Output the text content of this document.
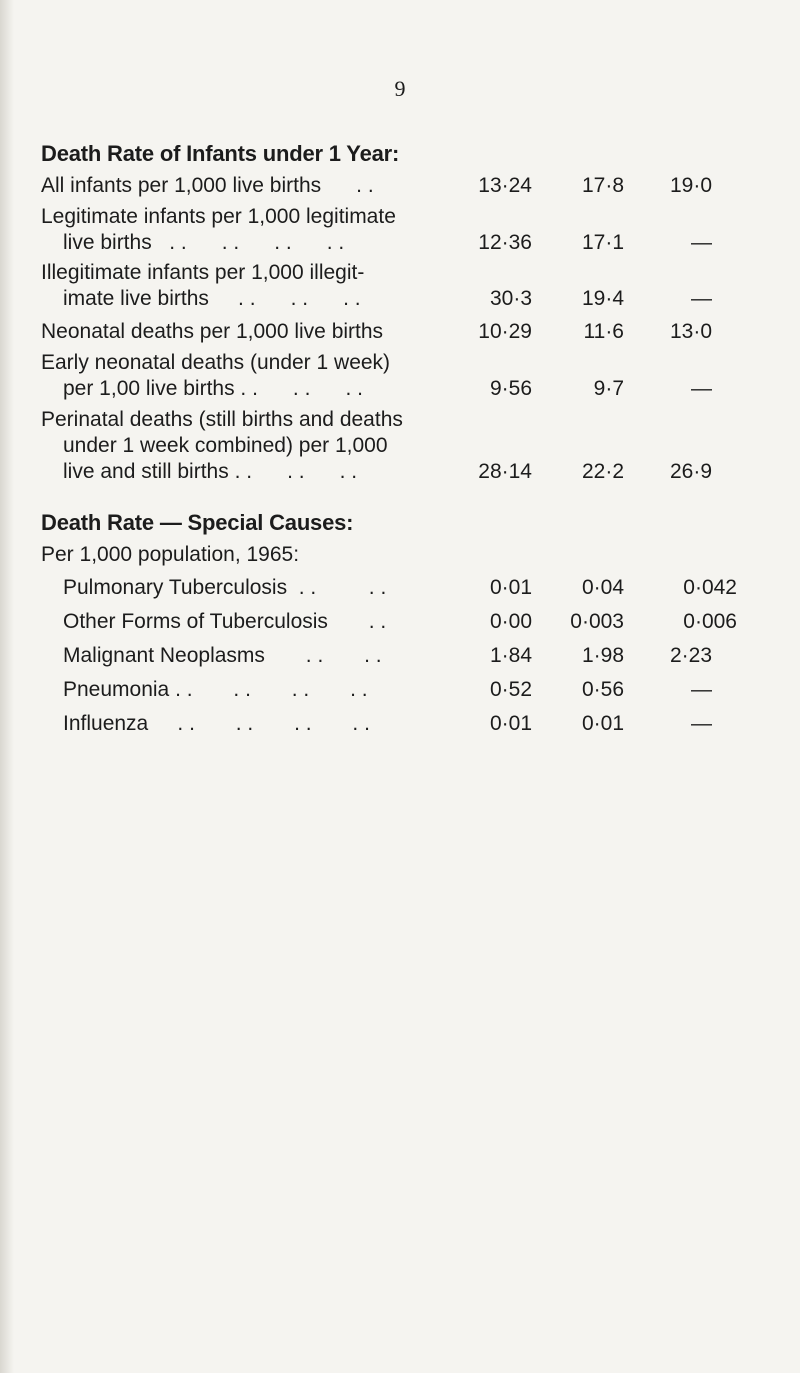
9
Death Rate of Infants under 1 Year:
All infants per 1,000 live births      . .	13·24	17·8	19·0
Legitimate infants per 1,000 legitimate
live births   . .      . .      . .      . .	12·36	17·1	—
Illegitimate infants per 1,000 illegit-
imate live births     . .      . .      . .	30·3	19·4	—
Neonatal deaths per 1,000 live births	10·29	11·6	13·0
Early neonatal deaths (under 1 week)
per 1,00 live births . .      . .      . .	9·56	9·7	—
Perinatal deaths (still births and deaths
under 1 week combined) per 1,000
live and still births . .      . .      . .	28·14	22·2	26·9
Death Rate — Special Causes:
Per 1,000 population, 1965:
Pulmonary Tuberculosis  . .         . .	0·01	0·04	0·042
Other Forms of Tuberculosis       . .	0·00	0·003	0·006
Malignant Neoplasms       . .       . .	1·84	1·98	2·23
Pneumonia . .       . .       . .       . .	0·52	0·56	—
Influenza     . .       . .       . .       . .	0·01	0·01	—
